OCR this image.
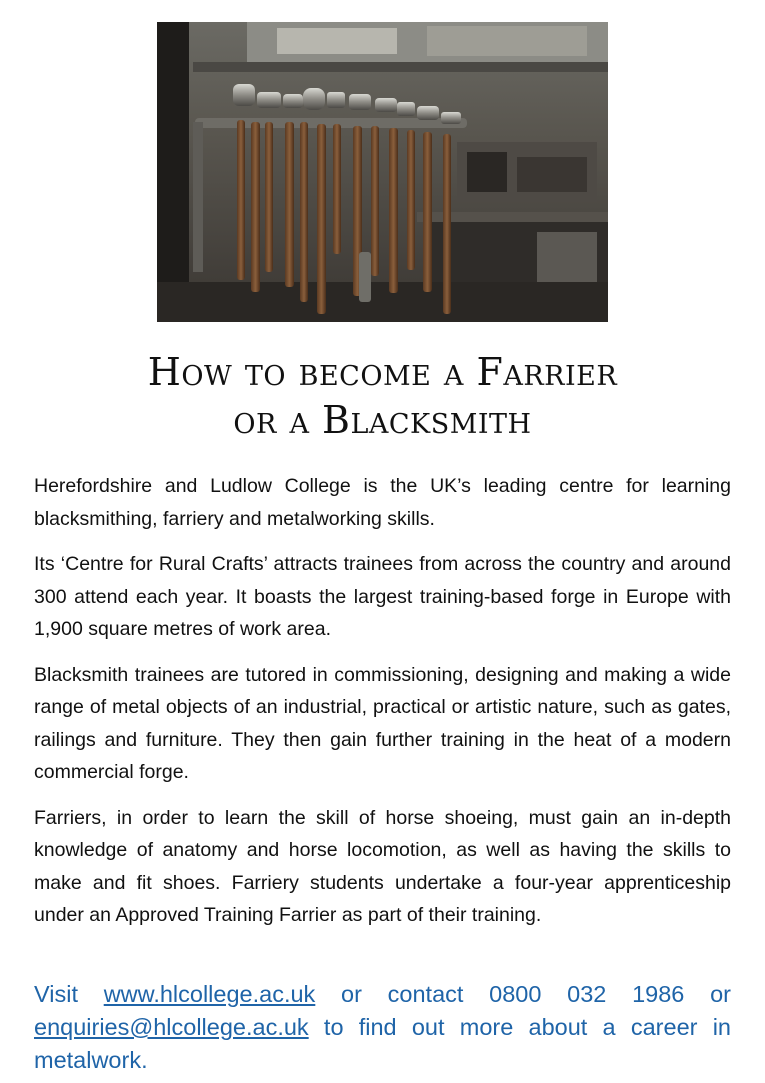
How to become a Farrier
or a Blacksmith

Herefordshire and Ludlow College is the UK’s leading centre for learning blacksmithing, farriery and metalworking skills.

Its ‘Centre for Rural Crafts’ attracts trainees from across the country and around 300 attend each year. It boasts the largest training-based forge in Europe with 1,900 square metres of work area.

Blacksmith trainees are tutored in commissioning, designing and making a wide range of metal objects of an industrial, practical or artistic nature, such as gates, railings and furniture. They then gain further training in the heat of a modern commercial forge.

Farriers, in order to learn the skill of horse shoeing, must gain an in-depth knowledge of anatomy and horse locomotion, as well as having the skills to make and fit shoes. Farriery students undertake a four-year apprenticeship under an Approved Training Farrier as part of their training.

Visit www.hlcollege.ac.uk or contact 0800 032 1986 or enquiries@hlcollege.ac.uk to find out more about a career in metalwork.
